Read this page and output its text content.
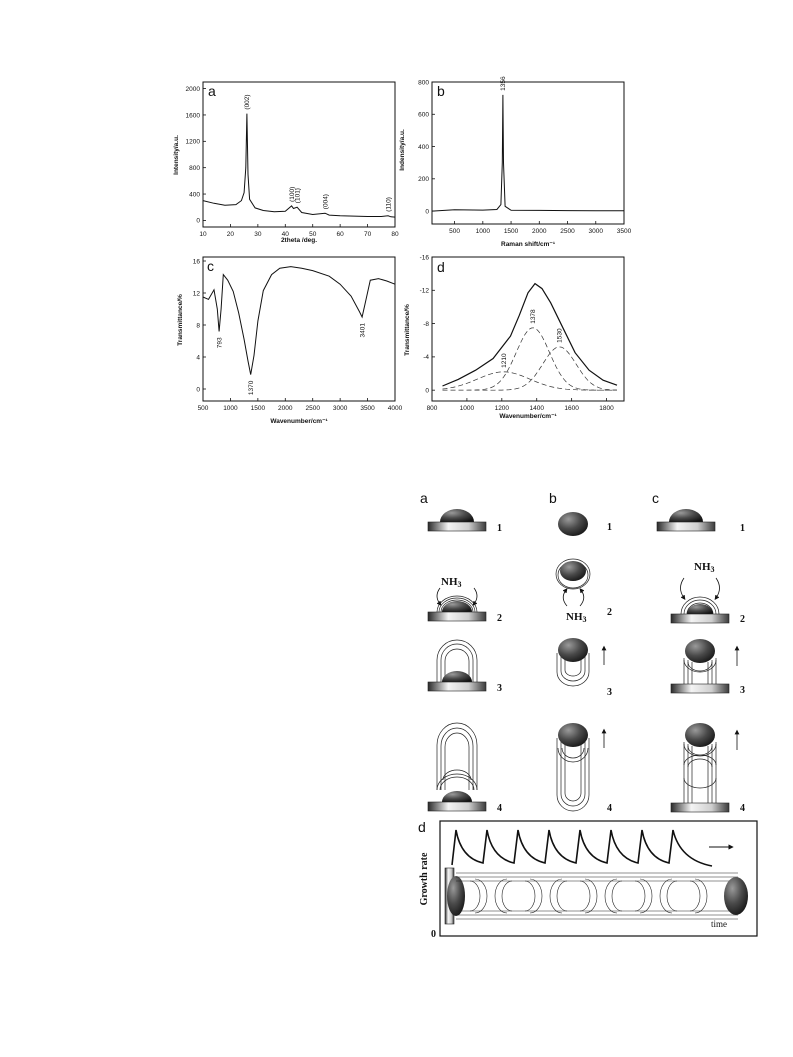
a
10	20	30	40	50	60	70	80
0
400
800
1200
1600
2000
(002)
(100)
(101)	(004)	(110)
2theta /deg.
Intensity/a.u.
b
500 1000 1500 2000 2500 3000 3500
0
200
400
600
800	1356
Raman shift/cm⁻¹
Indensity/a.u.
c
500 1000 1500 2000 2500 3000 3500 4000
0
4
8
12
16
793
1370
3401
Wavenumber/cm⁻¹
Transmittance/%
d
800	1000	1200	1400	1600	1800
-16
-12
-8
-4
0
1210
1378
1530
Wavenumber/cm⁻¹
Transmittance/%
a	b	c
1
NH3
2
3
4
1
NH3
2
3
4
1
NH3
2
3
4
d
Growth rate
time
0
